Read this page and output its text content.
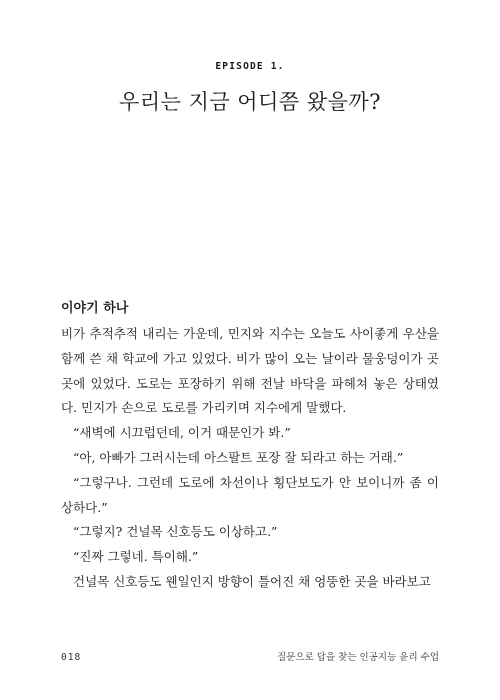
EPISODE 1.
우리는 지금 어디쯤 왔을까?
이야기 하나

비가 추적추적 내리는 가운데, 민지와 지수는 오늘도 사이좋게 우산을 함께 쓴 채 학교에 가고 있었다. 비가 많이 오는 날이라 물웅덩이가 곳곳에 있었다. 도로는 포장하기 위해 전날 바닥을 파헤쳐 놓은 상태였다. 민지가 손으로 도로를 가리키며 지수에게 말했다.

“새벽에 시끄럽던데, 이거 때문인가 봐.”

“아, 아빠가 그러시는데 아스팔트 포장 잘 되라고 하는 거래.”

“그렇구나. 그런데 도로에 차선이나 횡단보도가 안 보이니까 좀 이상하다.”

“그렇지? 건널목 신호등도 이상하고.”

“진짜 그렇네. 특이해.”

건널목 신호등도 웬일인지 방향이 틀어진 채 엉뚱한 곳을 바라보고

018	질문으로 답을 찾는 인공지능 윤리 수업
